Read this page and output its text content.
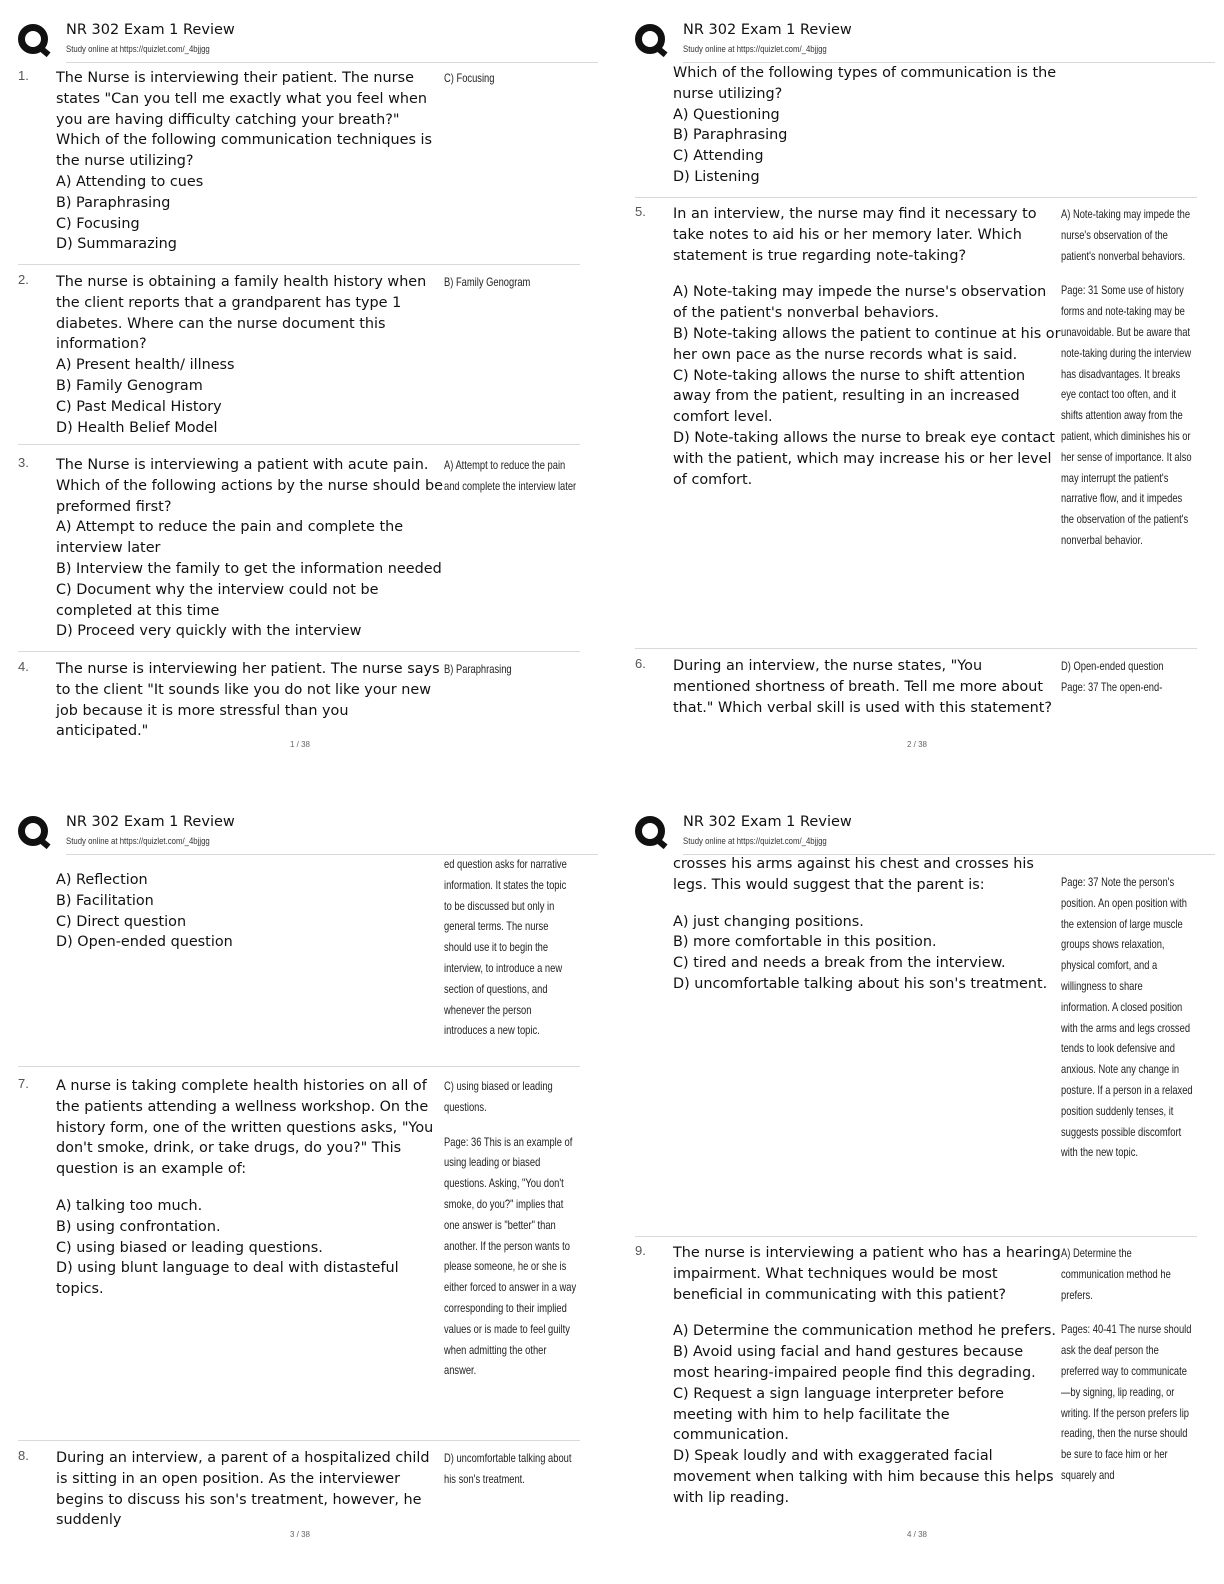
NR 302 Exam 1 Review
Study online at https://quizlet.com/_4bjjgg
1.	The Nurse is interviewing their patient. The nurse states "Can you tell me exactly what you feel when you are having difficulty catching your breath?" Which of the following communication techniques is the nurse utilizing?

A) Attending to cues

B) Paraphrasing

C) Focusing

D) Summarazing

C) Focusing
2.	The nurse is obtaining a family health history when the client reports that a grandparent has type 1 diabetes. Where can the nurse document this information?

A) Present health/ illness

B) Family Genogram

C) Past Medical History

D) Health Belief Model

B) Family Genogram
3.	The Nurse is interviewing a patient with acute pain. Which of the following actions by the nurse should be preformed first?

A) Attempt to reduce the pain and complete the interview later

B) Interview the family to get the information needed

C) Document why the interview could not be completed at this time

D) Proceed very quickly with the interview

A) Attempt to reduce the pain and complete the interview later
4.	The nurse is interviewing her patient. The nurse says to the client "It sounds like you do not like your new job because it is more stressful than you anticipated."

B) Paraphrasing
1 / 38
NR 302 Exam 1 Review
Study online at https://quizlet.com/_4bjjgg

Which of the following types of communication is the nurse utilizing?

A) Questioning

B) Paraphrasing

C) Attending

D) Listening

5.	In an interview, the nurse may find it necessary to take notes to aid his or her memory later. Which statement is true regarding note-taking?

A) Note-taking may impede the nurse's observation of the patient's nonverbal behaviors.

B) Note-taking allows the patient to continue at his or her own pace as the nurse records what is said.

C) Note-taking allows the nurse to shift attention away from the patient, resulting in an increased comfort level.

D) Note-taking allows the nurse to break eye contact with the patient, which may increase his or her level of comfort.

A) Note-taking may impede the nurse's observation of the patient's nonverbal behaviors.

Page: 31 Some use of history forms and note-taking may be unavoidable. But be aware that note-taking during the interview has disadvantages. It breaks eye contact too often, and it shifts attention away from the patient, which diminishes his or her sense of importance. It also may interrupt the patient's narrative flow, and it impedes the observation of the patient's nonverbal behavior.

6.	During an interview, the nurse states, "You mentioned shortness of breath. Tell me more about that." Which verbal skill is used with this statement?

D) Open-ended question

Page: 37 The open-end-

2 / 38
NR 302 Exam 1 Review
Study online at https://quizlet.com/_4bjjgg

A) Reflection

B) Facilitation

C) Direct question

D) Open-ended question

ed question asks for narrative information. It states the topic to be discussed but only in general terms. The nurse should use it to begin the interview, to introduce a new section of questions, and whenever the person introduces a new topic.
7.	A nurse is taking complete health histories on all of the patients attending a wellness workshop. On the history form, one of the written questions asks, "You don't smoke, drink, or take drugs, do you?" This question is an example of:

A) talking too much.

B) using confrontation.

C) using biased or leading questions.

D) using blunt language to deal with distasteful topics.

C) using biased or leading questions.

Page: 36 This is an example of using leading or biased questions. Asking, "You don't smoke, do you?" implies that one answer is "better" than another. If the person wants to please someone, he or she is either forced to answer in a way corresponding to their implied values or is made to feel guilty when admitting the other answer.

8.	During an interview, a parent of a hospitalized child is sitting in an open position. As the interviewer begins to discuss his son's treatment, however, he suddenly

D) uncomfortable talking about his son's treatment.
3 / 38
NR 302 Exam 1 Review
Study online at https://quizlet.com/_4bjjgg

crosses his arms against his chest and crosses his legs. This would suggest that the parent is:

A) just changing positions.

B) more comfortable in this position.

C) tired and needs a break from the interview.

D) uncomfortable talking about his son's treatment.

Page: 37 Note the person's position. An open position with the extension of large muscle groups shows relaxation, physical comfort, and a willingness to share information. A closed position with the arms and legs crossed tends to look defensive and anxious. Note any change in posture. If a person in a relaxed position suddenly tenses, it suggests possible discomfort with the new topic.
9.	The nurse is interviewing a patient who has a hearing impairment. What techniques would be most beneficial in communicating with this patient?

A) Determine the communication method he prefers.

B) Avoid using facial and hand gestures because most hearing-impaired people find this degrading.

C) Request a sign language interpreter before meeting with him to help facilitate the communication.

D) Speak loudly and with exaggerated facial movement when talking with him because this helps with lip reading.

A) Determine the communication method he prefers.

Pages: 40-41 The nurse should ask the deaf person the preferred way to communicate—by signing, lip reading, or writing. If the person prefers lip reading, then the nurse should be sure to face him or her squarely and

4 / 38
